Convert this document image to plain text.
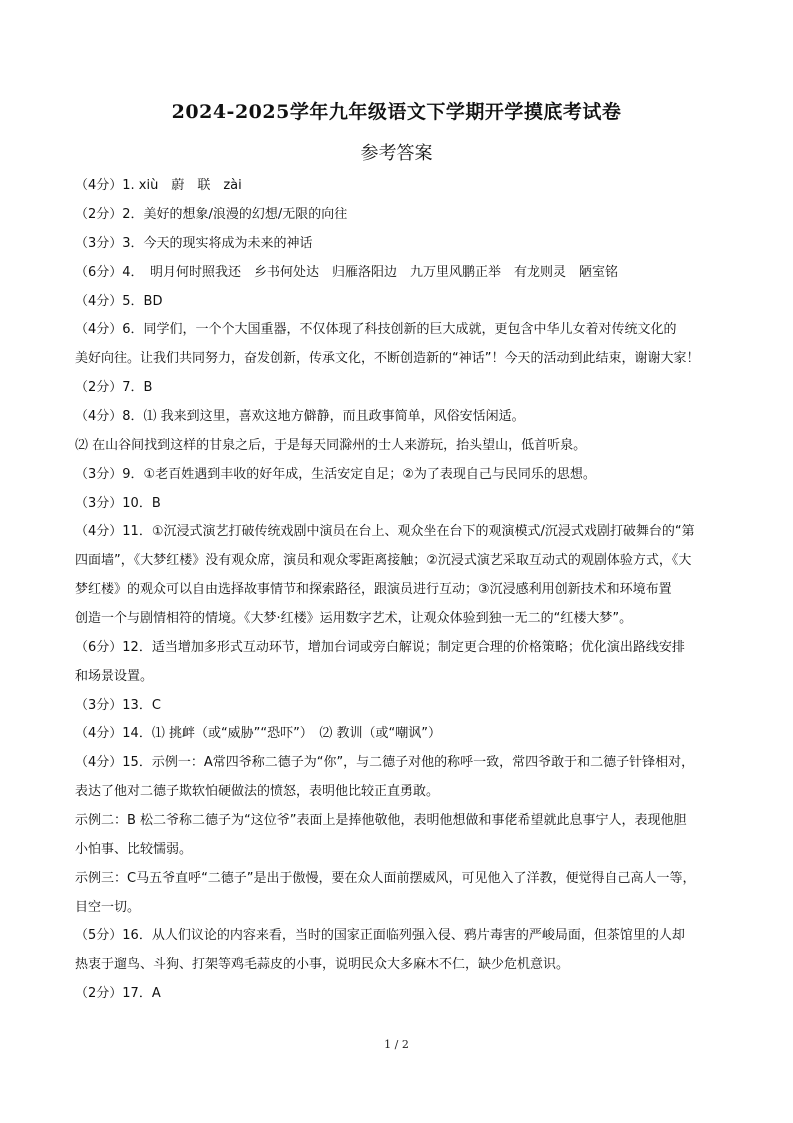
2024-2025学年九年级语文下学期开学摸底考试卷
参考答案
（4分）1. xiù　蔚　联　zài
（2分）2．美好的想象/浪漫的幻想/无限的向往
（3分）3．今天的现实将成为未来的神话
（6分）4．　明月何时照我还　乡书何处达　归雁洛阳边　九万里风鹏正举　有龙则灵　陋室铭
（4分）5．BD
（4分）6．同学们，一个个大国重器，不仅体现了科技创新的巨大成就，更包含中华儿女着对传统文化的
美好向往。让我们共同努力，奋发创新，传承文化，不断创造新的“神话”！今天的活动到此结束，谢谢大家！
（2分）7．B
（4分）8．⑴ 我来到这里，喜欢这地方僻静，而且政事简单，风俗安恬闲适。
⑵ 在山谷间找到这样的甘泉之后，于是每天同滁州的士人来游玩，抬头望山，低首听泉。
（3分）9．①老百姓遇到丰收的好年成，生活安定自足；②为了表现自己与民同乐的思想。
（3分）10．B
（4分）11．①沉浸式演艺打破传统戏剧中演员在台上、观众坐在台下的观演模式/沉浸式戏剧打破舞台的“第
四面墙”，《大梦红楼》没有观众席，演员和观众零距离接触；②沉浸式演艺采取互动式的观剧体验方式，《大
梦红楼》的观众可以自由选择故事情节和探索路径，跟演员进行互动；③沉浸感利用创新技术和环境布置
创造一个与剧情相符的情境。《大梦·红楼》运用数字艺术，让观众体验到独一无二的“红楼大梦”。
（6分）12．适当增加多形式互动环节，增加台词或旁白解说；制定更合理的价格策略；优化演出路线安排
和场景设置。
（3分）13．C
（4分）14．⑴ 挑衅（或“威胁”“恐吓”）　⑵ 教训（或“嘲讽”）
（4分）15．示例一：A常四爷称二德子为“你”，与二德子对他的称呼一致，常四爷敢于和二德子针锋相对，
表达了他对二德子欺软怕硬做法的愤怒，表明他比较正直勇敢。
示例二：B 松二爷称二德子为“这位爷”表面上是捧他敬他，表明他想做和事佬希望就此息事宁人，表现他胆
小怕事、比较懦弱。
示例三：C马五爷直呼“二德子”是出于傲慢，要在众人面前摆威风，可见他入了洋教，便觉得自己高人一等，
目空一切。
（5分）16．从人们议论的内容来看，当时的国家正面临列强入侵、鸦片毒害的严峻局面，但茶馆里的人却
热衷于遛鸟、斗狗、打架等鸡毛蒜皮的小事，说明民众大多麻木不仁，缺少危机意识。
（2分）17．A
1 / 2
